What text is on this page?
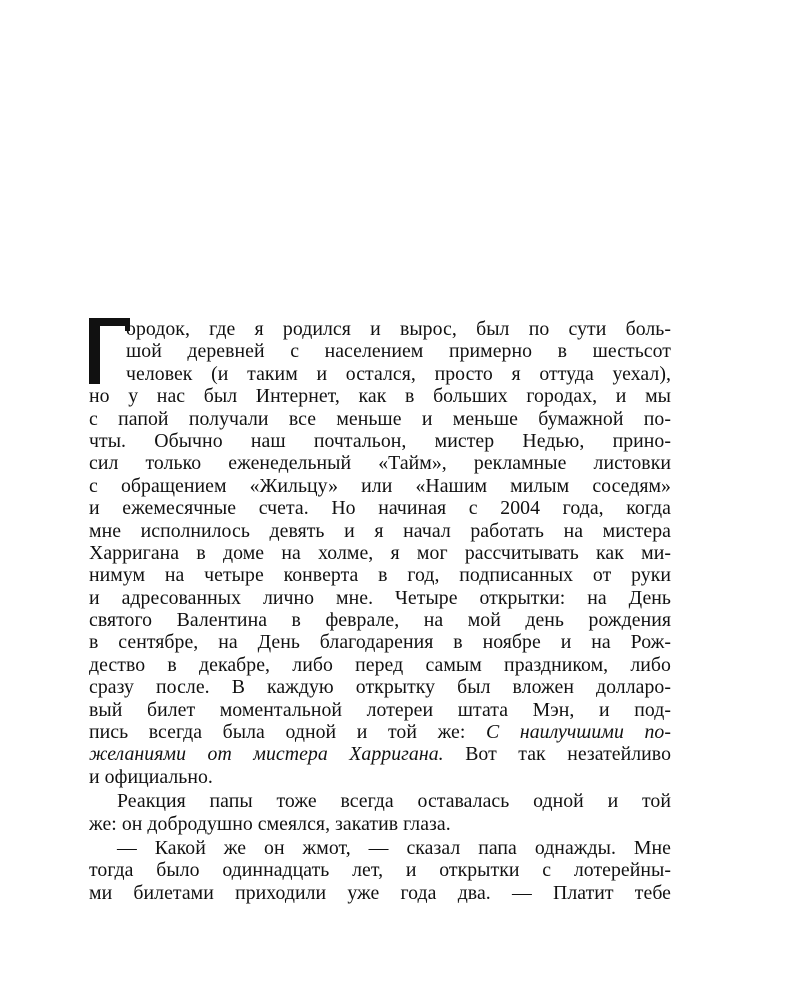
ородок, где я родился и вырос, был по сути боль-
шой деревней с населением примерно в шестьсот
человек (и таким и остался, просто я оттуда уехал),
но у нас был Интернет, как в больших городах, и мы
с папой получали все меньше и меньше бумажной по-
чты. Обычно наш почтальон, мистер Недью, прино-
сил только еженедельный «Тайм», рекламные листовки
с обращением «Жильцу» или «Нашим милым соседям»
и ежемесячные счета. Но начиная с 2004 года, когда
мне исполнилось девять и я начал работать на мистера
Харригана в доме на холме, я мог рассчитывать как ми-
нимум на четыре конверта в год, подписанных от руки
и адресованных лично мне. Четыре открытки: на День
святого Валентина в феврале, на мой день рождения
в сентябре, на День благодарения в ноябре и на Рож-
дество в декабре, либо перед самым праздником, либо
сразу после. В каждую открытку был вложен долларо-
вый билет моментальной лотереи штата Мэн, и под-
пись всегда была одной и той же: С наилучшими по-
желаниями от мистера Харригана. Вот так незатейливо
и официально.
Реакция папы тоже всегда оставалась одной и той
же: он добродушно смеялся, закатив глаза.
— Какой же он жмот, — сказал папа однажды. Мне
тогда было одиннадцать лет, и открытки с лотерейны-
ми билетами приходили уже года два. — Платит тебе
